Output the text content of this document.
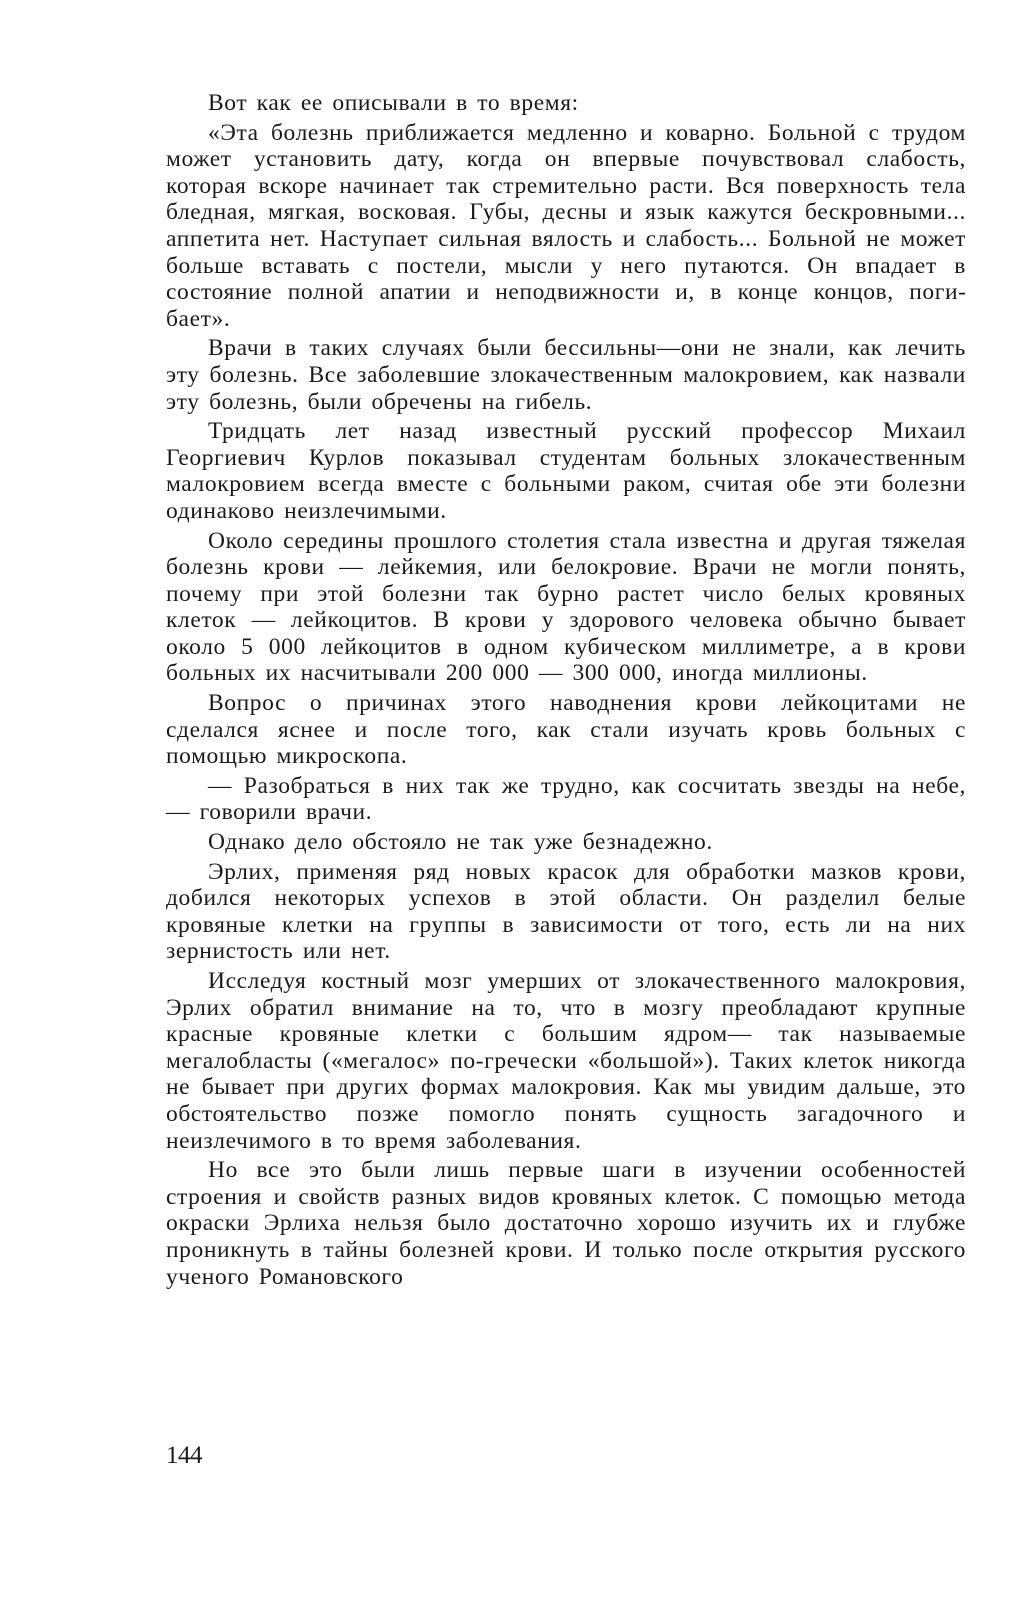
Вот как ее описывали в то время:

«Эта болезнь приближается медленно и коварно. Больной с трудом может установить дату, когда он впервые почувствовал слабость, которая вскоре начинает так стремительно расти. Вся поверхность тела бледная, мягкая, восковая. Губы, десны и язык кажутся бескровными... аппетита нет. Наступает сильная вялость и слабость... Больной не может больше вставать с постели, мысли у него путаются. Он впадает в состояние полной апатии и неподвижности и, в конце концов, погибает».

Врачи в таких случаях были бессильны—они не знали, как лечить эту болезнь. Все заболевшие злокачественным малокровием, как назвали эту болезнь, были обречены на гибель.

Тридцать лет назад известный русский профессор Михаил Георгиевич Курлов показывал студентам больных злокачественным малокровием всегда вместе с больными раком, считая обе эти болезни одинаково неизлечимыми.

Около середины прошлого столетия стала известна и другая тяжелая болезнь крови — лейкемия, или белокровие. Врачи не могли понять, почему при этой болезни так бурно растет число белых кровяных клеток — лейкоцитов. В крови у здорового человека обычно бывает около 5 000 лейкоцитов в одном кубическом миллиметре, а в крови больных их насчитывали 200 000 — 300 000, иногда миллионы.

Вопрос о причинах этого наводнения крови лейкоцитами не сделался яснее и после того, как стали изучать кровь больных с помощью микроскопа.

— Разобраться в них так же трудно, как сосчитать звезды на небе, — говорили врачи.

Однако дело обстояло не так уже безнадежно.

Эрлих, применяя ряд новых красок для обработки мазков крови, добился некоторых успехов в этой области. Он разделил белые кровяные клетки на группы в зависимости от того, есть ли на них зернистость или нет.

Исследуя костный мозг умерших от злокачественного малокровия, Эрлих обратил внимание на то, что в мозгу преобладают крупные красные кровяные клетки с большим ядром— так называемые мегалобласты («мегалос» по-гречески «большой»). Таких клеток никогда не бывает при других формах малокровия. Как мы увидим дальше, это обстоятельство позже помогло понять сущность загадочного и неизлечимого в то время заболевания.

Но все это были лишь первые шаги в изучении особенностей строения и свойств разных видов кровяных клеток. С помощью метода окраски Эрлиха нельзя было достаточно хорошо изучить их и глубже проникнуть в тайны болезней крови. И только после открытия русского ученого Романовского

144
